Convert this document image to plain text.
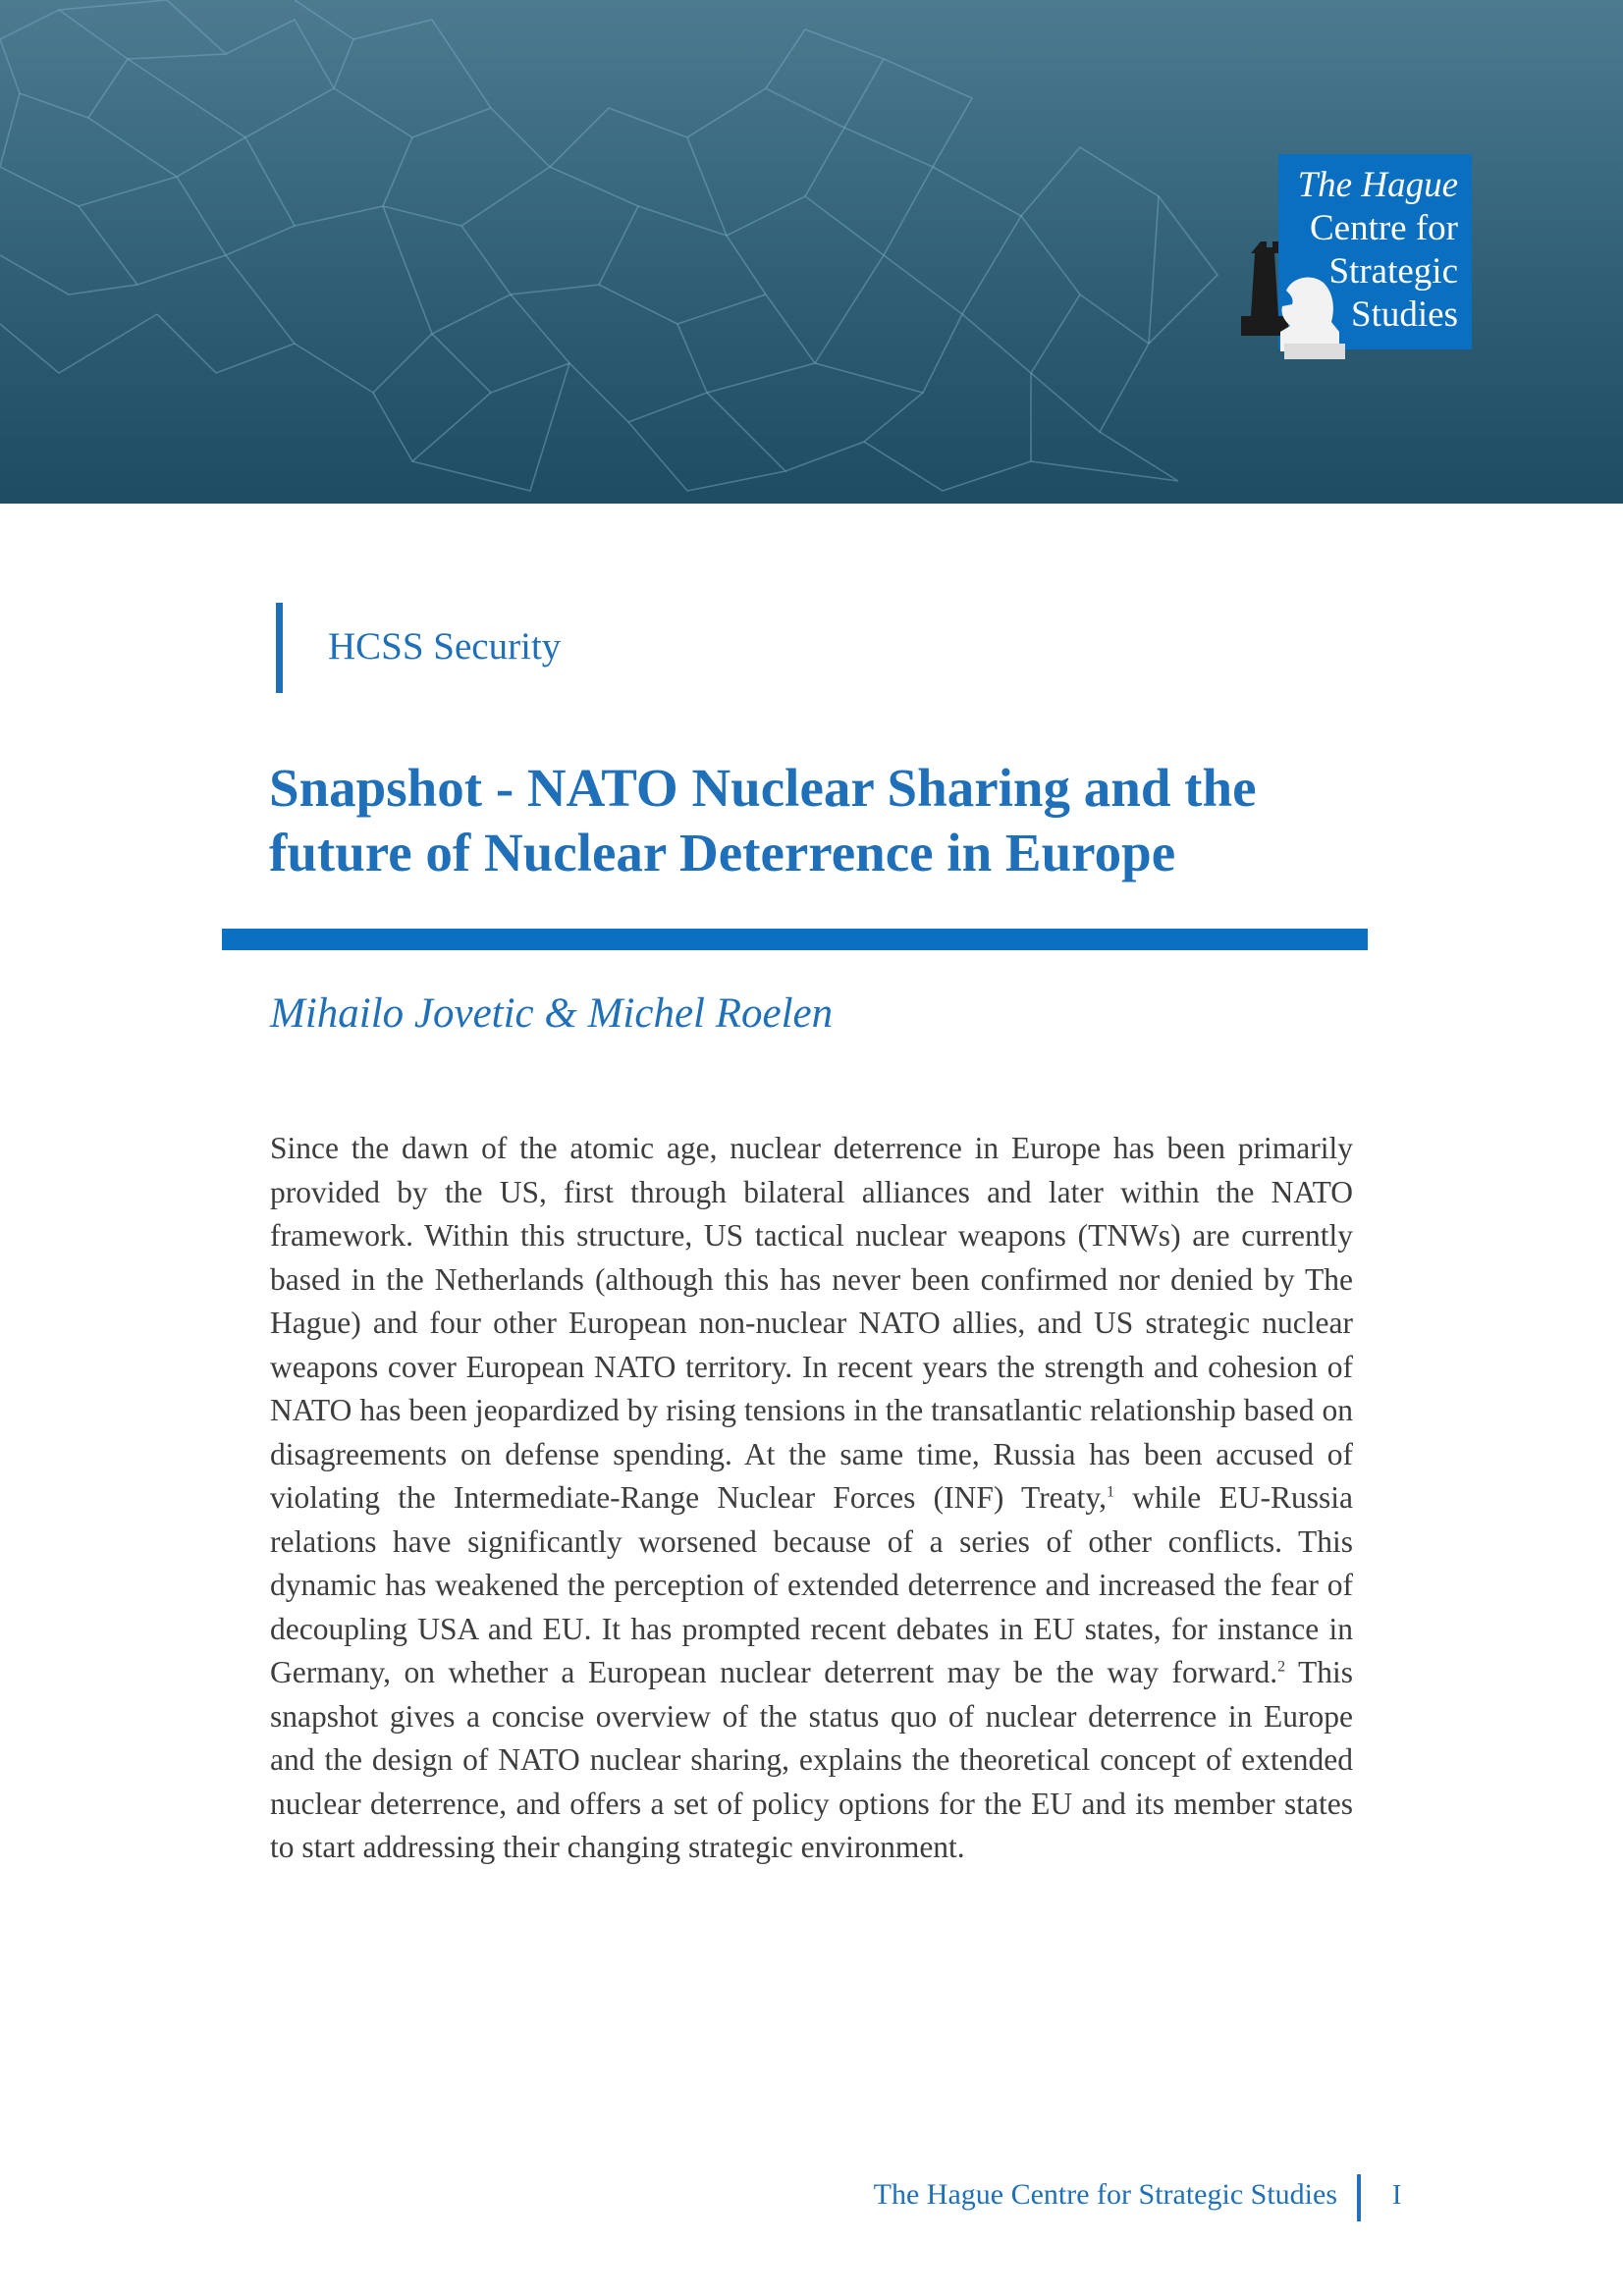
The Hague
Centre for
Strategic
Studies

HCSS Security

Snapshot - NATO Nuclear Sharing and the future of Nuclear Deterrence in Europe

Mihailo Jovetic & Michel Roelen

Since the dawn of the atomic age, nuclear deterrence in Europe has been primarily provided by the US, first through bilateral alliances and later within the NATO framework. Within this structure, US tactical nuclear weapons (TNWs) are currently based in the Netherlands (although this has never been confirmed nor denied by The Hague) and four other European non-nuclear NATO allies, and US strategic nuclear weapons cover European NATO territory. In recent years the strength and cohesion of NATO has been jeopardized by rising tensions in the transatlantic relationship based on disagreements on defense spending. At the same time, Russia has been accused of violating the Intermediate-Range Nuclear Forces (INF) Treaty,$^1$ while EU-Russia relations have significantly worsened because of a series of other conflicts. This dynamic has weakened the perception of extended deterrence and increased the fear of decoupling USA and EU. It has prompted recent debates in EU states, for instance in Germany, on whether a European nuclear deterrent may be the way forward.$^2$ This snapshot gives a concise overview of the status quo of nuclear deterrence in Europe and the design of NATO nuclear sharing, explains the theoretical concept of extended nuclear deterrence, and offers a set of policy options for the EU and its member states to start addressing their changing strategic environment.

The Hague Centre for Strategic Studies I
